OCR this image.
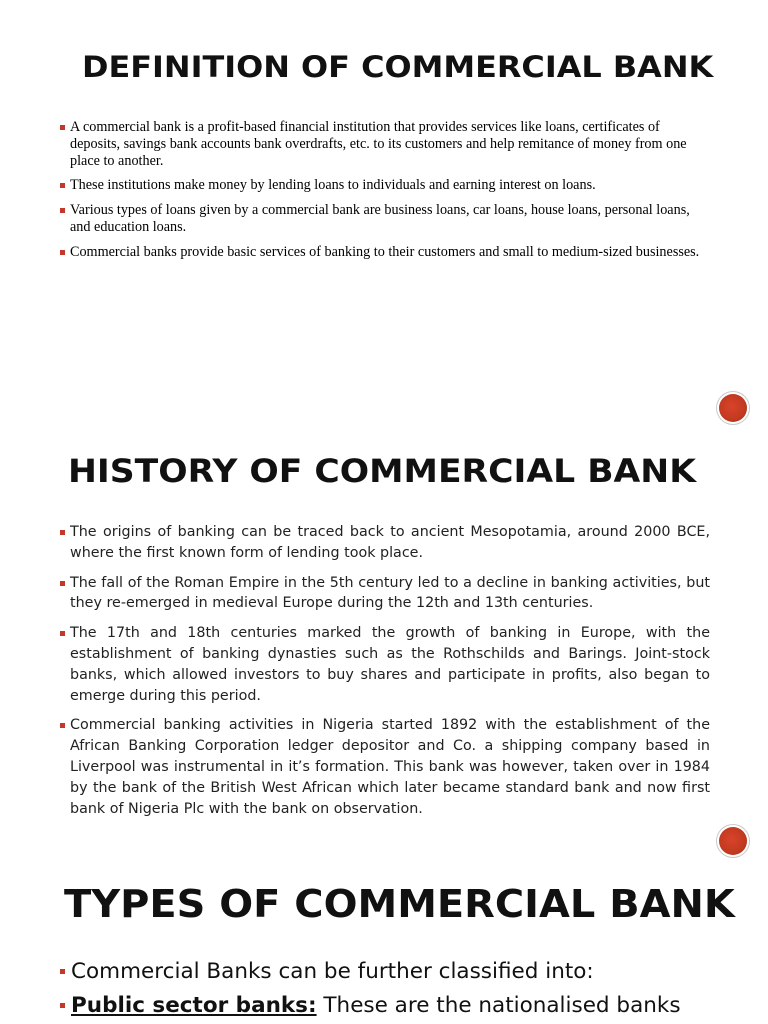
DEFINITION OF COMMERCIAL BANK
A commercial bank is a profit-based financial institution that provides services like loans, certificates of deposits, savings bank accounts bank overdrafts, etc. to its customers and help remitance of money from one place to another.
These institutions make money by lending loans to individuals and earning interest on loans.
Various types of loans given by a commercial bank are business loans, car loans, house loans, personal loans, and education loans.
Commercial banks provide basic services of banking to their customers and small to medium-sized businesses.
HISTORY OF COMMERCIAL BANK
The origins of banking can be traced back to ancient Mesopotamia, around 2000 BCE, where the first known form of lending took place.
The fall of the Roman Empire in the 5th century led to a decline in banking activities, but they re-emerged in medieval Europe during the 12th and 13th centuries.
The 17th and 18th centuries marked the growth of banking in Europe, with the establishment of banking dynasties such as the Rothschilds and Barings. Joint-stock banks, which allowed investors to buy shares and participate in profits, also began to emerge during this period.
Commercial banking activities in Nigeria started 1892 with the establishment of the African Banking Corporation ledger depositor and Co. a shipping company based in Liverpool was instrumental in it’s formation. This bank was however, taken over in 1984 by the bank of the British West African which later became standard bank and now first bank of Nigeria Plc with the bank on observation.
TYPES OF COMMERCIAL BANK
Commercial Banks can be further classified into:
Public sector banks: These are the nationalised banks
